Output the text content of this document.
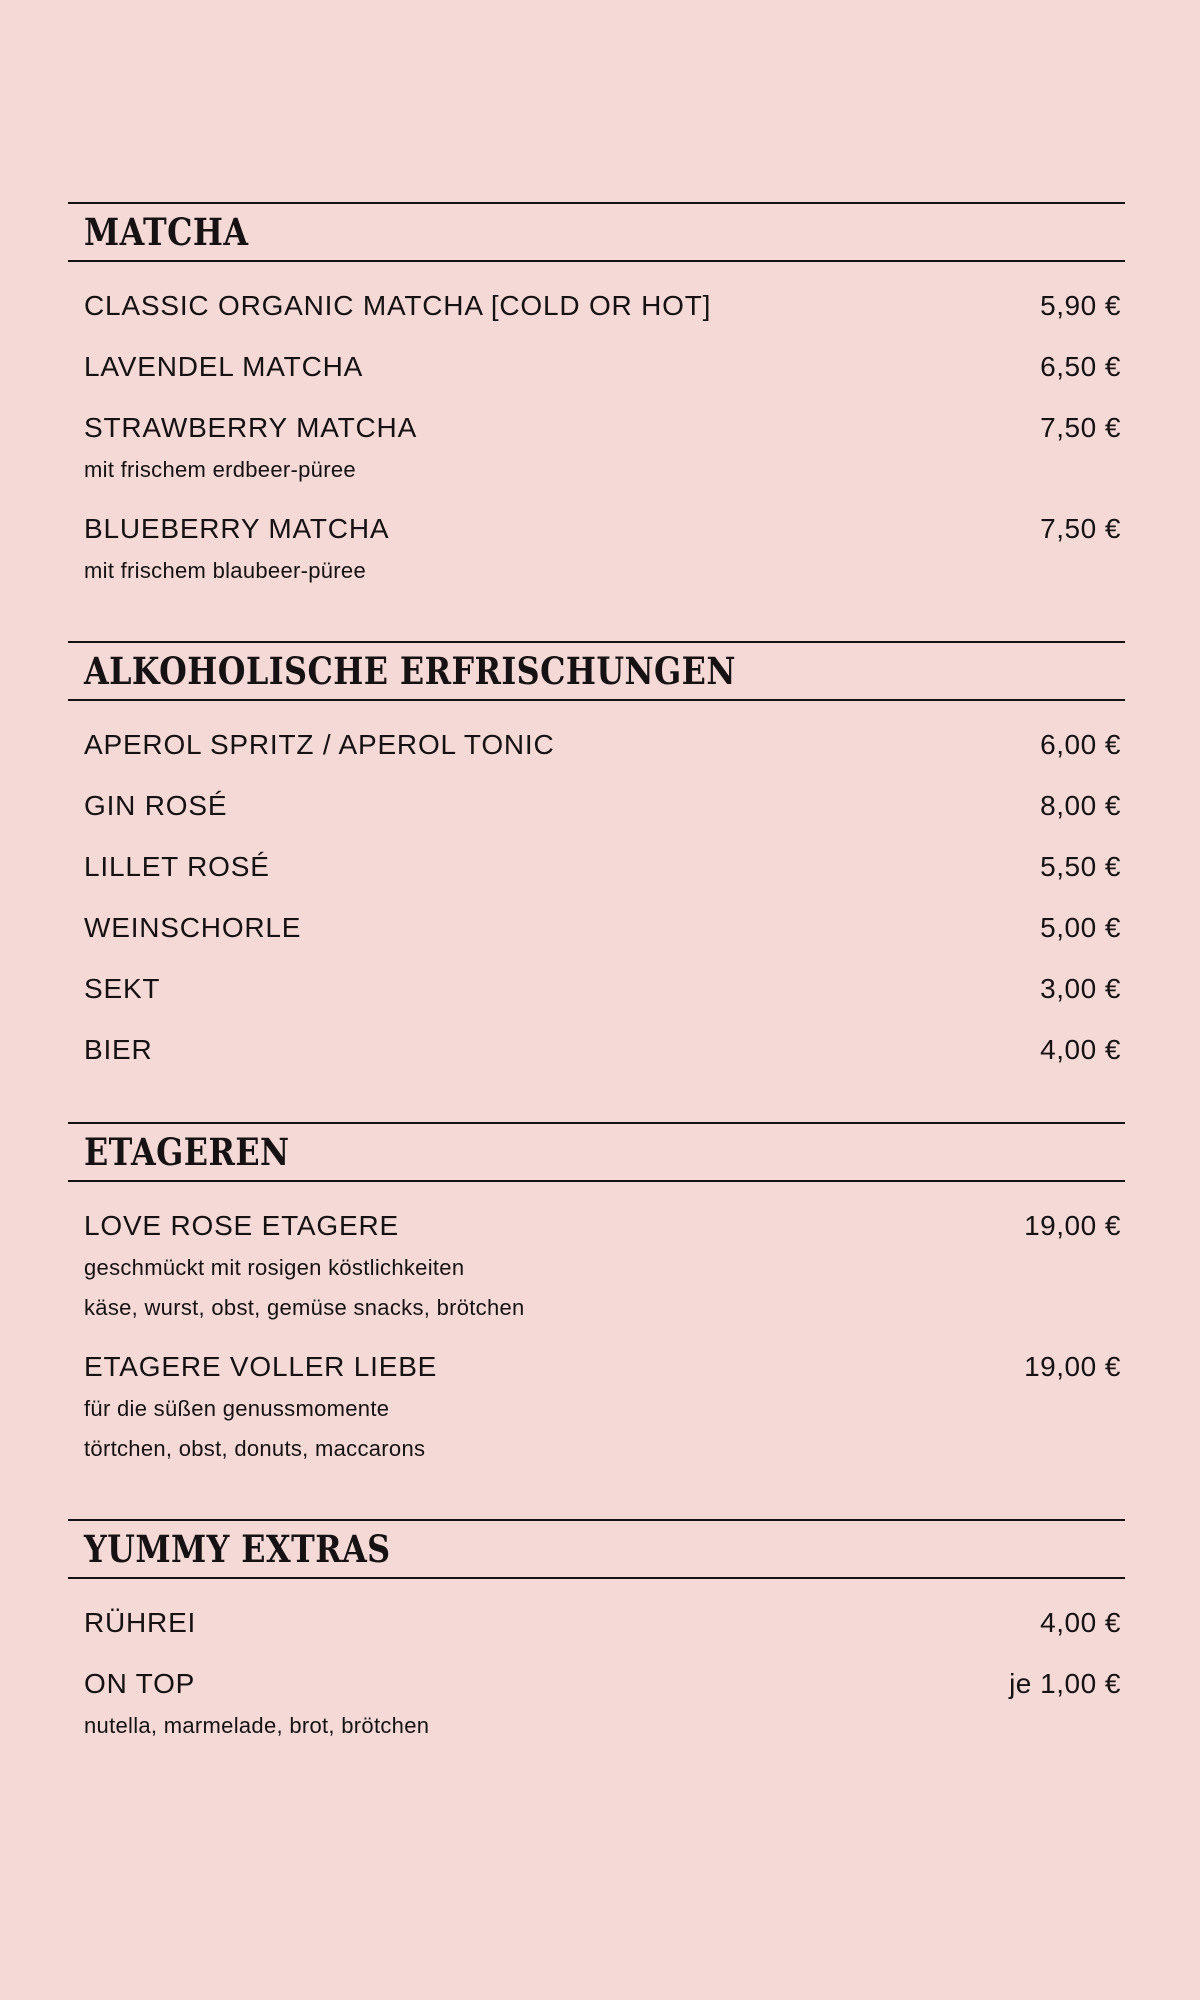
MATCHA
CLASSIC ORGANIC MATCHA [COLD OR HOT]	5,90 €
LAVENDEL MATCHA	6,50 €
STRAWBERRY MATCHA	7,50 €
mit frischem erdbeer-püree
BLUEBERRY MATCHA	7,50 €
mit frischem blaubeer-püree
ALKOHOLISCHE ERFRISCHUNGEN
APEROL SPRITZ / APEROL TONIC	6,00 €
GIN ROSÉ	8,00 €
LILLET ROSÉ	5,50 €
WEINSCHORLE	5,00 €
SEKT	3,00 €
BIER	4,00 €
ETAGEREN
LOVE ROSE ETAGERE	19,00 €
geschmückt mit rosigen köstlichkeiten
käse, wurst, obst, gemüse snacks, brötchen
ETAGERE VOLLER LIEBE	19,00 €
für die süßen genussmomente
törtchen, obst, donuts, maccarons
YUMMY EXTRAS
RÜHREI	4,00 €
ON TOP	je 1,00 €
nutella, marmelade, brot, brötchen
